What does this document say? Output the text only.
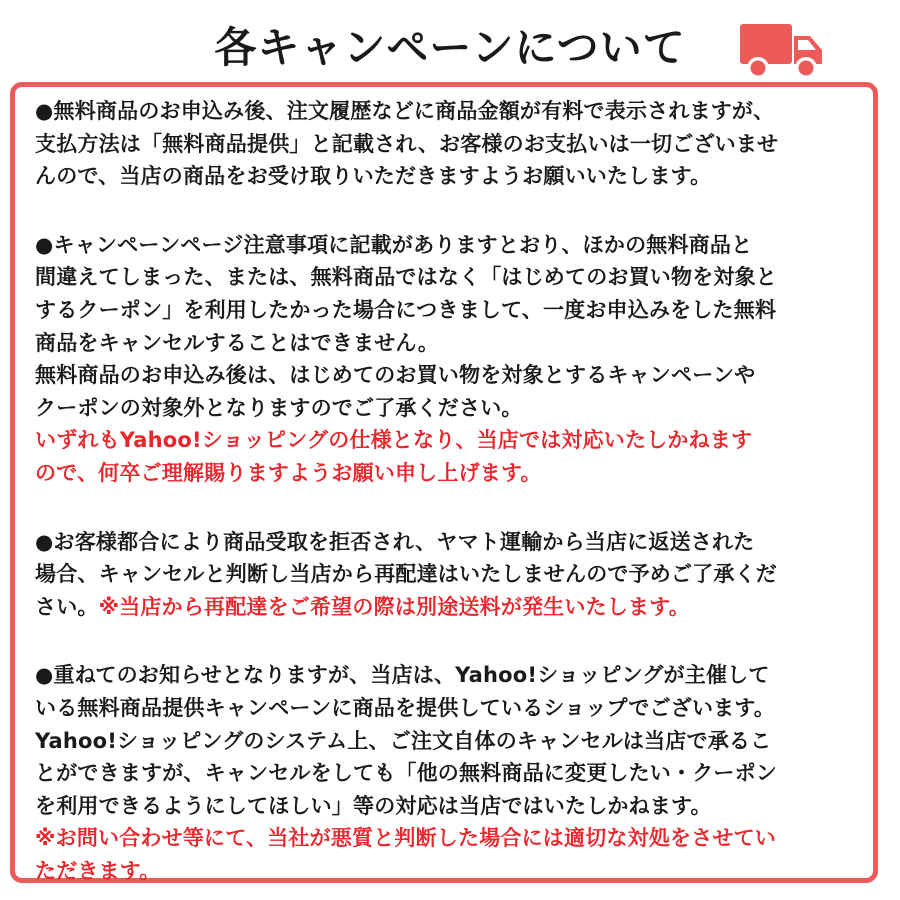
各キャンペーンについて
●無料商品のお申込み後、注文履歴などに商品金額が有料で表示されますが、
支払方法は「無料商品提供」と記載され、お客様のお支払いは一切ございませ
んので、当店の商品をお受け取りいただきますようお願いいたします。
●キャンペーンページ注意事項に記載がありますとおり、ほかの無料商品と
間違えてしまった、または、無料商品ではなく「はじめてのお買い物を対象と
するクーポン」を利用したかった場合につきまして、一度お申込みをした無料
商品をキャンセルすることはできません。
無料商品のお申込み後は、はじめてのお買い物を対象とするキャンペーンや
クーポンの対象外となりますのでご了承ください。
いずれもYahoo!ショッピングの仕様となり、当店では対応いたしかねます
ので、何卒ご理解賜りますようお願い申し上げます。
●お客様都合により商品受取を拒否され、ヤマト運輸から当店に返送された
場合、キャンセルと判断し当店から再配達はいたしませんので予めご了承くだ
さい。※当店から再配達をご希望の際は別途送料が発生いたします。
●重ねてのお知らせとなりますが、当店は、Yahoo!ショッピングが主催して
いる無料商品提供キャンペーンに商品を提供しているショップでございます。
Yahoo!ショッピングのシステム上、ご注文自体のキャンセルは当店で承るこ
とができますが、キャンセルをしても「他の無料商品に変更したい・クーポン
を利用できるようにしてほしい」等の対応は当店ではいたしかねます。
※お問い合わせ等にて、当社が悪質と判断した場合には適切な対処をさせてい
ただきます。
